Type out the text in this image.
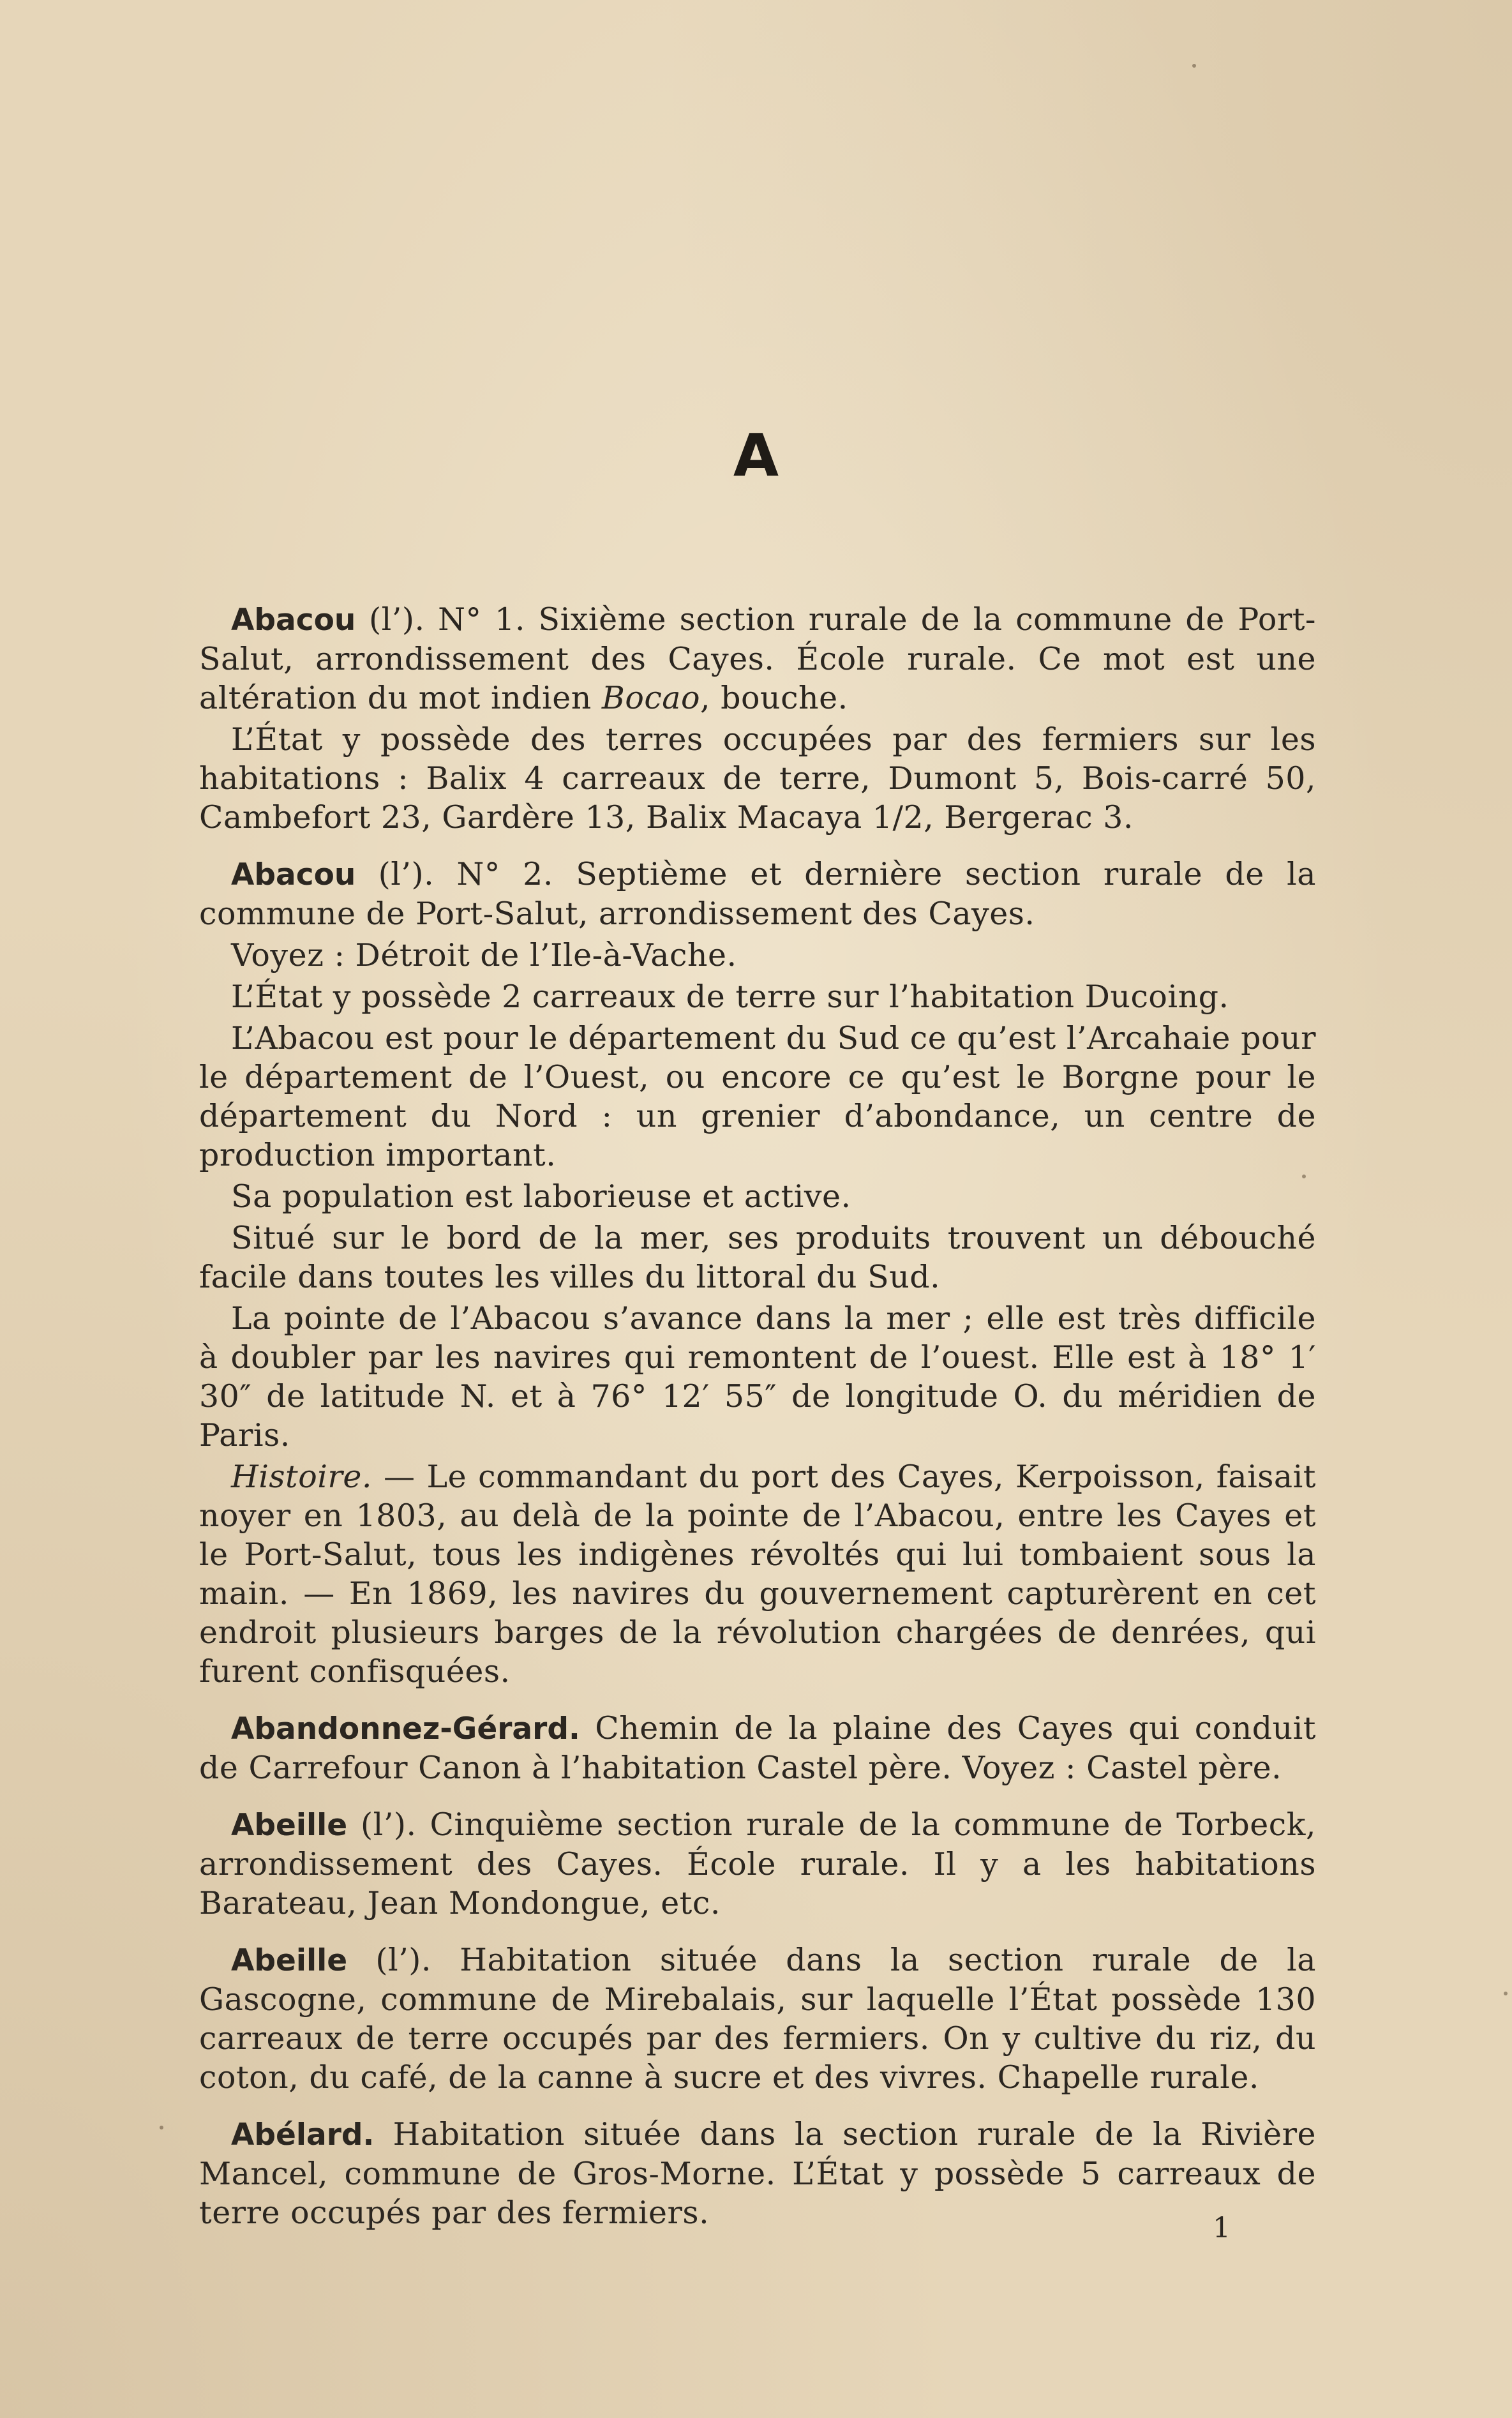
A

Abacou (l’). N° 1. Sixième section rurale de la commune de Port-Salut, arrondissement des Cayes. École rurale. Ce mot est une altération du mot indien Bocao, bouche.

L’État y possède des terres occupées par des fermiers sur les habitations : Balix 4 carreaux de terre, Dumont 5, Bois-carré 50, Cambefort 23, Gardère 13, Balix Macaya 1/2, Bergerac 3.

Abacou (l’). N° 2. Septième et dernière section rurale de la commune de Port-Salut, arrondissement des Cayes.

Voyez : Détroit de l’Ile-à-Vache.

L’État y possède 2 carreaux de terre sur l’habitation Ducoing.

L’Abacou est pour le département du Sud ce qu’est l’Arcahaie pour le département de l’Ouest, ou encore ce qu’est le Borgne pour le département du Nord : un grenier d’abondance, un centre de production important.

Sa population est laborieuse et active.

Situé sur le bord de la mer, ses produits trouvent un débouché facile dans toutes les villes du littoral du Sud.

La pointe de l’Abacou s’avance dans la mer ; elle est très difficile à doubler par les navires qui remontent de l’ouest. Elle est à 18° 1′ 30″ de latitude N. et à 76° 12′ 55″ de longitude O. du méridien de Paris.

Histoire. — Le commandant du port des Cayes, Kerpoisson, faisait noyer en 1803, au delà de la pointe de l’Abacou, entre les Cayes et le Port-Salut, tous les indigènes révoltés qui lui tombaient sous la main. — En 1869, les navires du gouvernement capturèrent en cet endroit plusieurs barges de la révolution chargées de denrées, qui furent confisquées.

Abandonnez-Gérard. Chemin de la plaine des Cayes qui conduit de Carrefour Canon à l’habitation Castel père. Voyez : Castel père.

Abeille (l’). Cinquième section rurale de la commune de Torbeck, arrondissement des Cayes. École rurale. Il y a les habitations Barateau, Jean Mondongue, etc.

Abeille (l’). Habitation située dans la section rurale de la Gascogne, commune de Mirebalais, sur laquelle l’État possède 130 carreaux de terre occupés par des fermiers. On y cultive du riz, du coton, du café, de la canne à sucre et des vivres. Chapelle rurale.

Abélard. Habitation située dans la section rurale de la Rivière Mancel, commune de Gros-Morne. L’État y possède 5 carreaux de terre occupés par des fermiers.	1
